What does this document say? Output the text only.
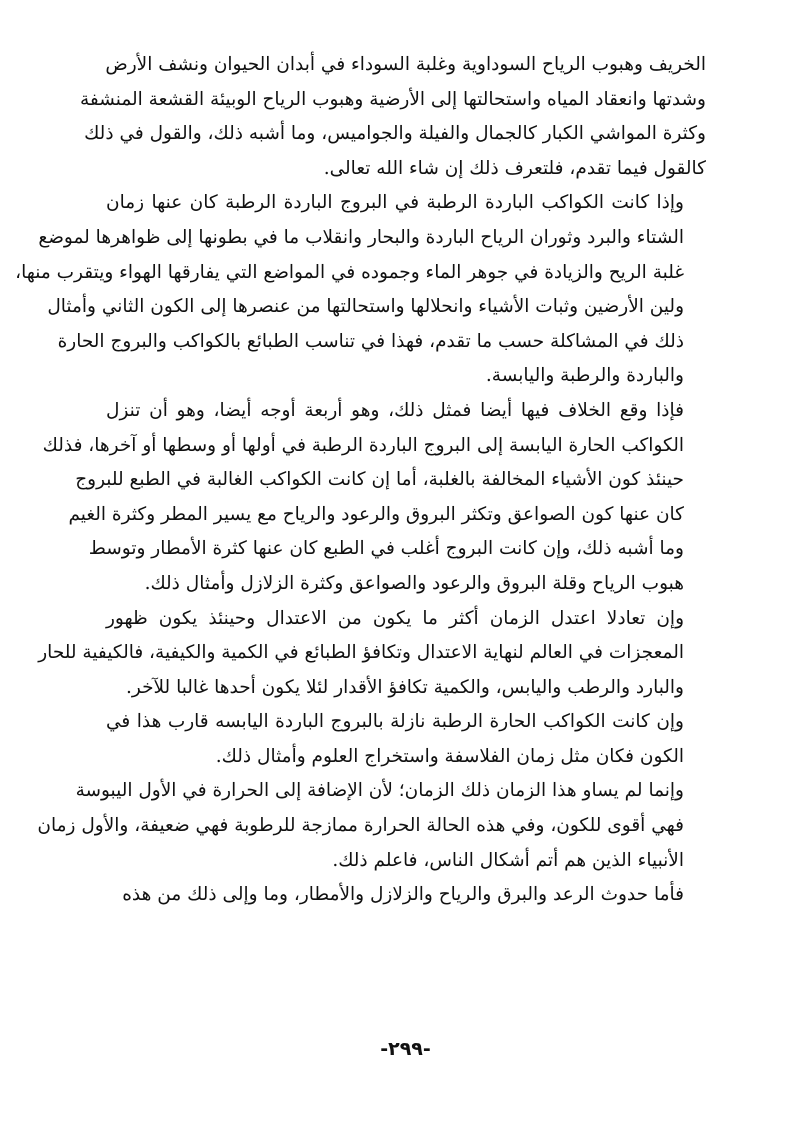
الخريف وهبوب الرياح السوداوية وغلبة السوداء في أبدان الحيوان ونشف الأرض
وشدتها وانعقاد المياه واستحالتها إلى الأرضية وهبوب الرياح الوبيئة القشعة المنشفة
وكثرة المواشي الكبار كالجمال والفيلة والجواميس، وما أشبه ذلك، والقول في ذلك
كالقول فيما تقدم، فلتعرف ذلك إن شاء الله تعالى.

وإذا كانت الكواكب الباردة الرطبة في البروج الباردة الرطبة كان عنها زمان
الشتاء والبرد وثوران الرياح الباردة والبحار وانقلاب ما في بطونها إلى ظواهرها لموضع
غلبة الريح والزيادة في جوهر الماء وجموده في المواضع التي يفارقها الهواء ويتقرب منها،
ولين الأرضين وثبات الأشياء وانحلالها واستحالتها من عنصرها إلى الكون الثاني وأمثال
ذلك في المشاكلة حسب ما تقدم، فهذا في تناسب الطبائع بالكواكب والبروج الحارة
والباردة والرطبة واليابسة.

فإذا وقع الخلاف فيها أيضا فمثل ذلك، وهو أربعة أوجه أيضا، وهو أن تنزل
الكواكب الحارة اليابسة إلى البروج الباردة الرطبة في أولها أو وسطها أو آخرها، فذلك
حينئذ كون الأشياء المخالفة بالغلبة، أما إن كانت الكواكب الغالبة في الطبع للبروج
كان عنها كون الصواعق وتكثر البروق والرعود والرياح مع يسير المطر وكثرة الغيم
وما أشبه ذلك، وإن كانت البروج أغلب في الطبع كان عنها كثرة الأمطار وتوسط
هبوب الرياح وقلة البروق والرعود والصواعق وكثرة الزلازل وأمثال ذلك.

وإن تعادلا اعتدل الزمان أكثر ما يكون من الاعتدال وحينئذ يكون ظهور
المعجزات في العالم لنهاية الاعتدال وتكافؤ الطبائع في الكمية والكيفية، فالكيفية للحار
والبارد والرطب واليابس، والكمية تكافؤ الأقدار لئلا يكون أحدها غالبا للآخر.

وإن كانت الكواكب الحارة الرطبة نازلة بالبروج الباردة اليابسه قارب هذا في
الكون فكان مثل زمان الفلاسفة واستخراج العلوم وأمثال ذلك.

وإنما لم يساو هذا الزمان ذلك الزمان؛ لأن الإضافة إلى الحرارة في الأول اليبوسة
فهي أقوى للكون، وفي هذه الحالة الحرارة ممازجة للرطوبة فهي ضعيفة، والأول زمان
الأنبياء الذين هم أتم أشكال الناس، فاعلم ذلك.

فأما حدوث الرعد والبرق والرياح والزلازل والأمطار، وما وإلى ذلك من هذه

-٢٩٩-
